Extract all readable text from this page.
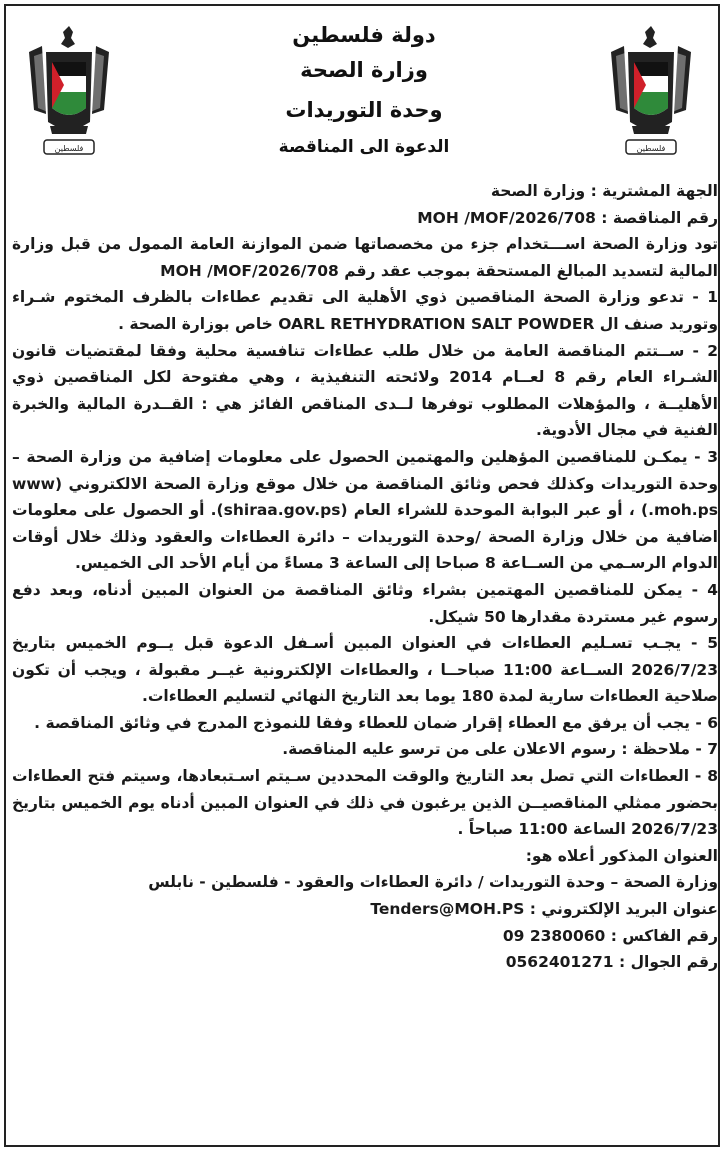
فلسطين
فلسطين
دولة فلسطين
وزارة الصحة
وحدة التوريدات
الدعوة الى المناقصة

الجهة المشترية : وزارة الصحة

رقم المناقصة : MOH /MOF/2026/708

تود وزارة الصحة اســـتخدام جزء من مخصصاتها ضمن الموازنة العامة الممول من قبل وزارة المالية لتسديد المبالغ المستحقة بموجب عقد رقم MOH /MOF/2026/708

1 - تدعو وزارة الصحة المناقصين ذوي الأهلية الى تقديم عطاءات بالظرف المختوم شـراء وتوريد صنف ال OARL RETHYDRATION SALT POWDER خاص بوزارة الصحة .

2 - ســتتم المناقصة العامة من خلال طلب عطاءات تنافسية محلية وفقا لمقتضيات قانون الشـراء العام رقم 8 لعــام 2014 ولائحته التنفيذية ، وهي مفتوحة لكل المناقصين ذوي الأهليــة ، والمؤهلات المطلوب توفرها لــدى المناقص الفائز هي : القــدرة المالية والخبرة الفنية في مجال الأدوية.

3 - يمكـن للمناقصين المؤهلين والمهتمين الحصول على معلومات إضافية من وزارة الصحة – وحدة التوريدات وكذلك فحص وثائق المناقصة من خلال موقع وزارة الصحة الالكتروني (www .moh.ps) ، أو عبر البوابة الموحدة للشراء العام (shiraa.gov.ps). أو الحصول على معلومات اضافية من خلال وزارة الصحة /وحدة التوريدات – دائرة العطاءات والعقود وذلك خلال أوقات الدوام الرسـمي من الســاعة 8 صباحا إلى الساعة 3 مساءً من أيام الأحد الى الخميس.

4 - يمكن للمناقصين المهتمين بشراء وثائق المناقصة من العنوان المبين أدناه، وبعد دفع رسوم غير مستردة مقدارها 50 شيكل.

5 - يجـب تسـليم العطاءات في العنوان المبين أسـفل الدعوة قبل يــوم الخميس بتاريخ 2026/7/23 الســاعة 11:00 صباحــا ، والعطاءات الإلكترونية غيــر مقبولة ، ويجب أن تكون صلاحية العطاءات سارية لمدة 180 يوما بعد التاريخ النهائي لتسليم العطاءات.

6 - يجب أن يرفق مع العطاء إقرار ضمان للعطاء وفقا للنموذج المدرج في وثائق المناقصة .

7 - ملاحظة : رسوم الاعلان على من ترسو عليه المناقصة.

8 - العطاءات التي تصل بعد التاريخ والوقت المحددين سـيتم اسـتبعادها، وسيتم فتح العطاءات بحضور ممثلي المناقصيــن الذين يرغبون في ذلك في العنوان المبين أدناه يوم الخميس بتاريخ 2026/7/23 الساعة 11:00 صباحاً .

العنوان المذكور أعلاه هو:

وزارة الصحة – وحدة التوريدات / دائرة العطاءات والعقود - فلسطين - نابلس

عنوان البريد الإلكتروني : Tenders@MOH.PS

رقم الفاكس : 09 2380060

رقم الجوال : 0562401271
